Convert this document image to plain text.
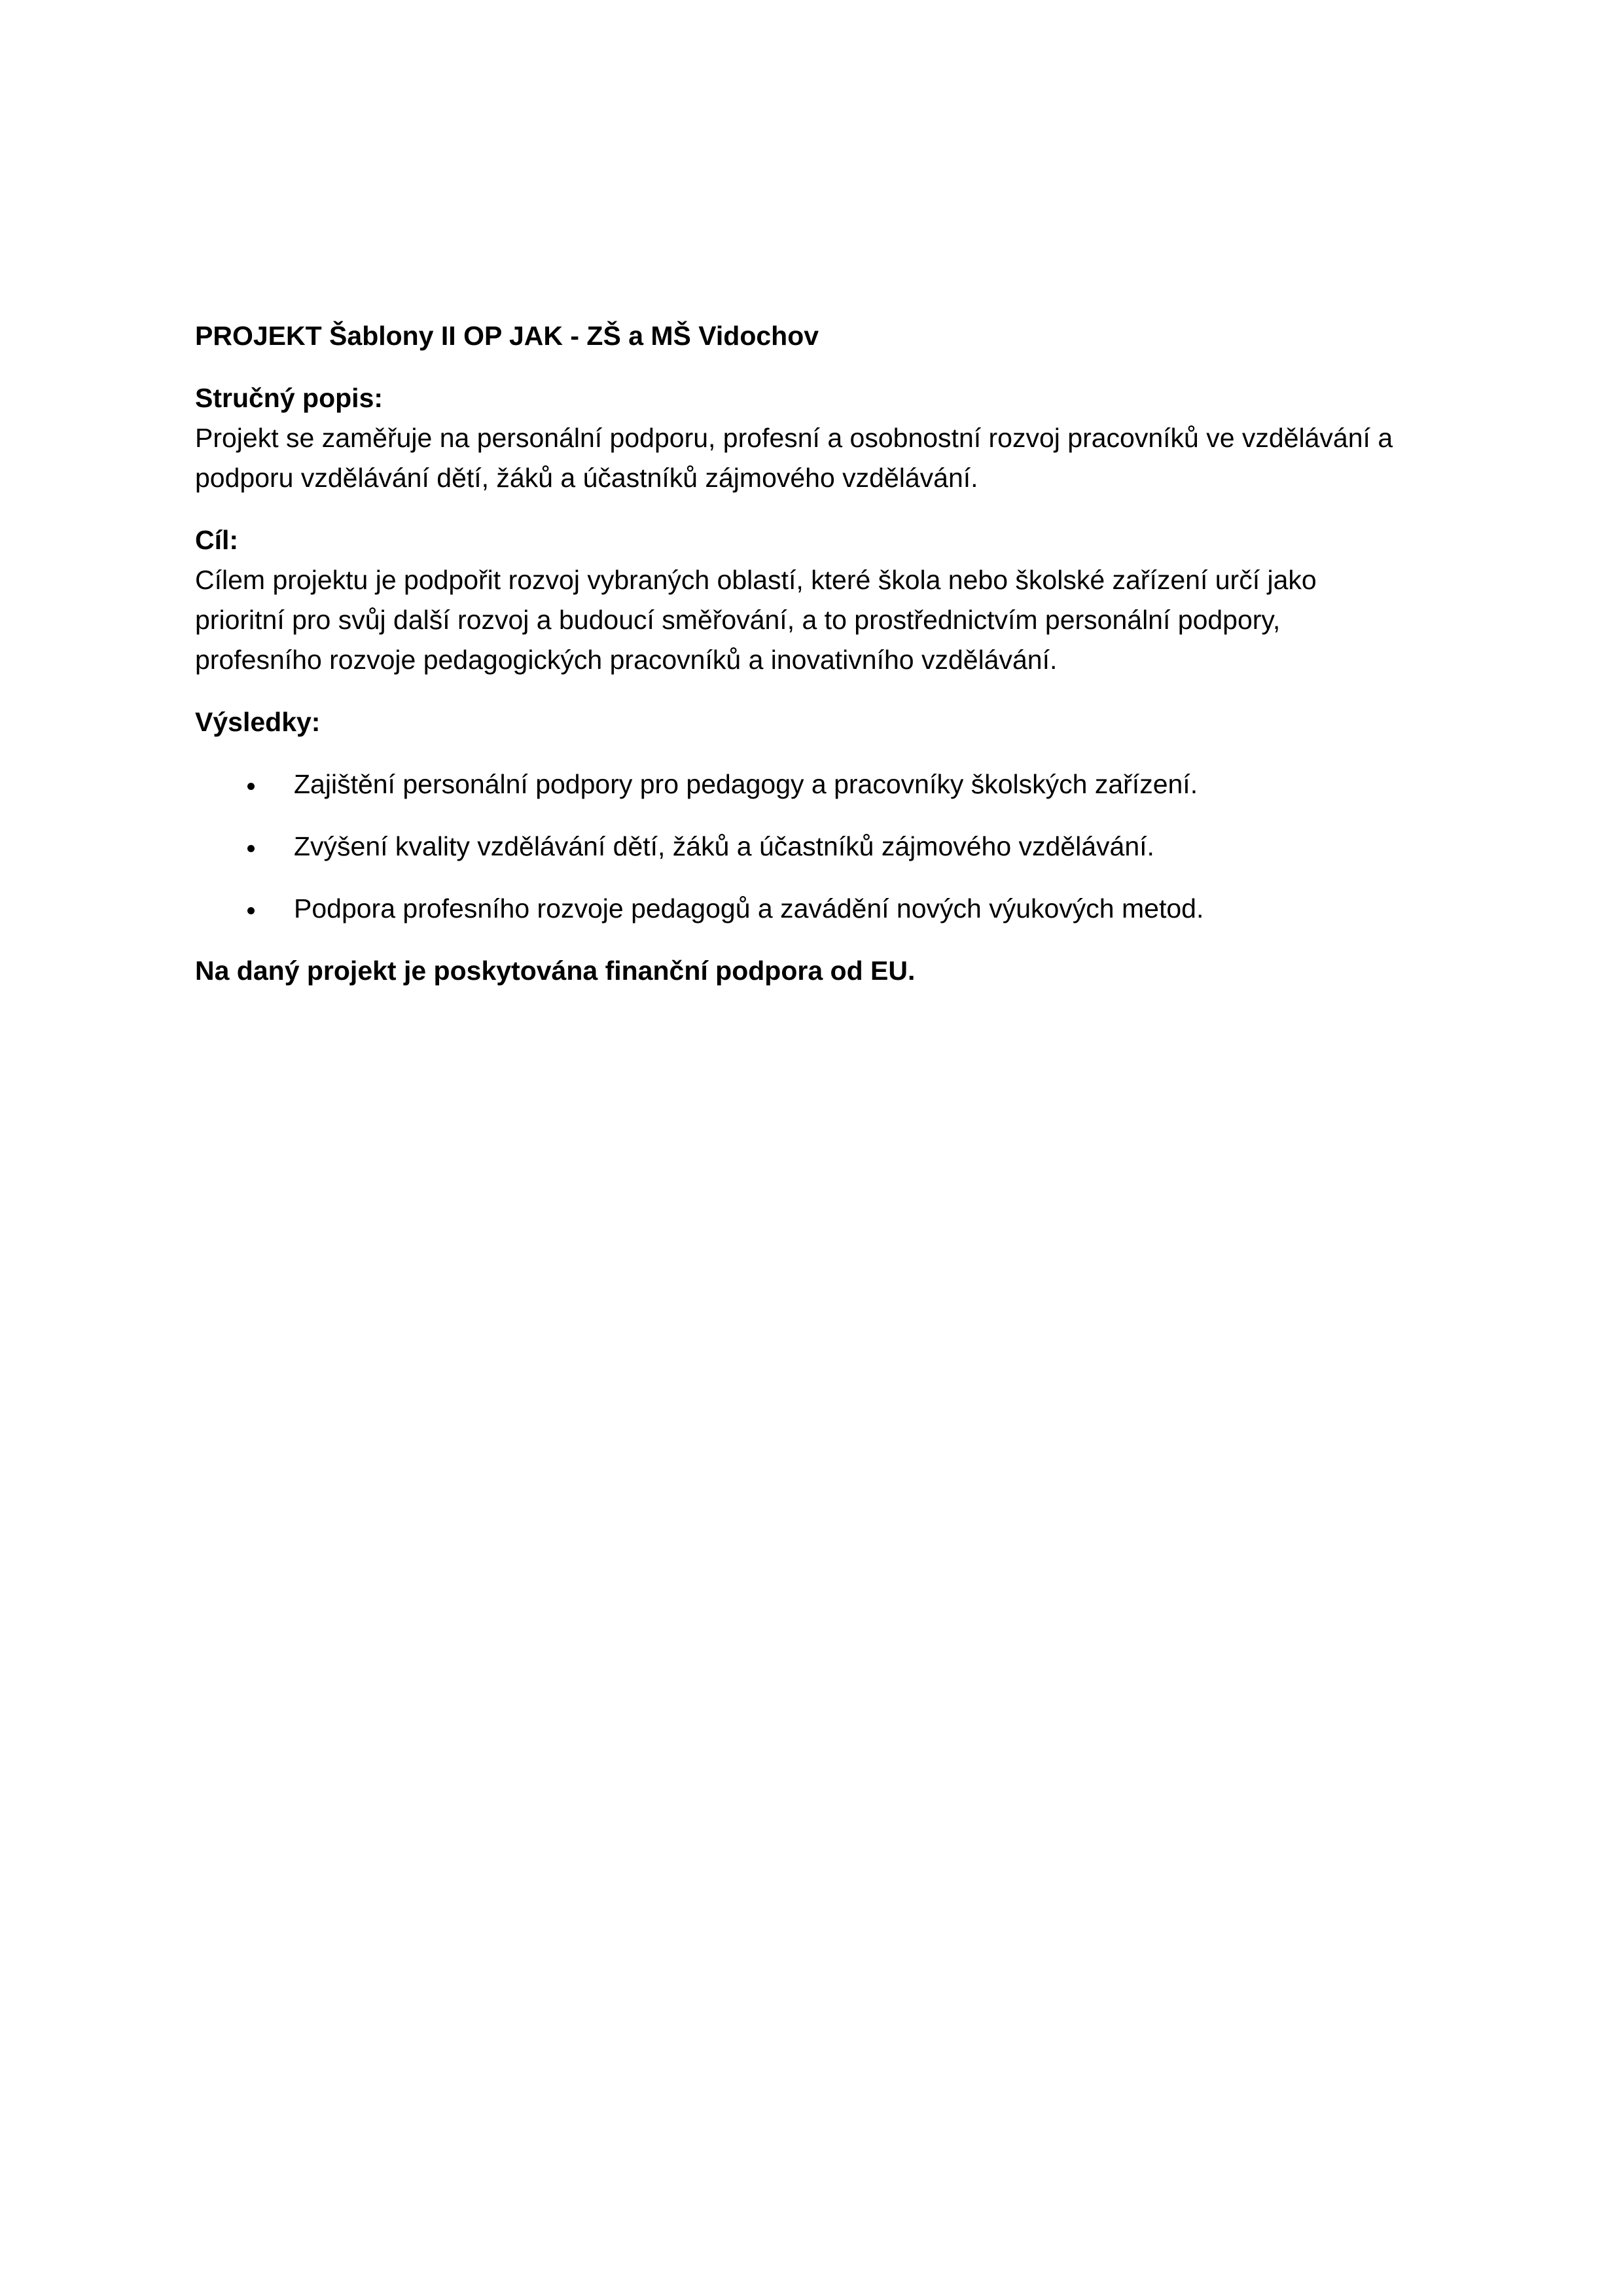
PROJEKT Šablony II OP JAK - ZŠ a MŠ Vidochov
Stručný popis:
Projekt se zaměřuje na personální podporu, profesní a osobnostní rozvoj pracovníků ve vzdělávání a
podporu vzdělávání dětí, žáků a účastníků zájmového vzdělávání.
Cíl:
Cílem projektu je podpořit rozvoj vybraných oblastí, které škola nebo školské zařízení určí jako
prioritní pro svůj další rozvoj a budoucí směřování, a to prostřednictvím personální podpory,
profesního rozvoje pedagogických pracovníků a inovativního vzdělávání.
Výsledky:
Zajištění personální podpory pro pedagogy a pracovníky školských zařízení.
Zvýšení kvality vzdělávání dětí, žáků a účastníků zájmového vzdělávání.
Podpora profesního rozvoje pedagogů a zavádění nových výukových metod.
Na daný projekt je poskytována finanční podpora od EU.
